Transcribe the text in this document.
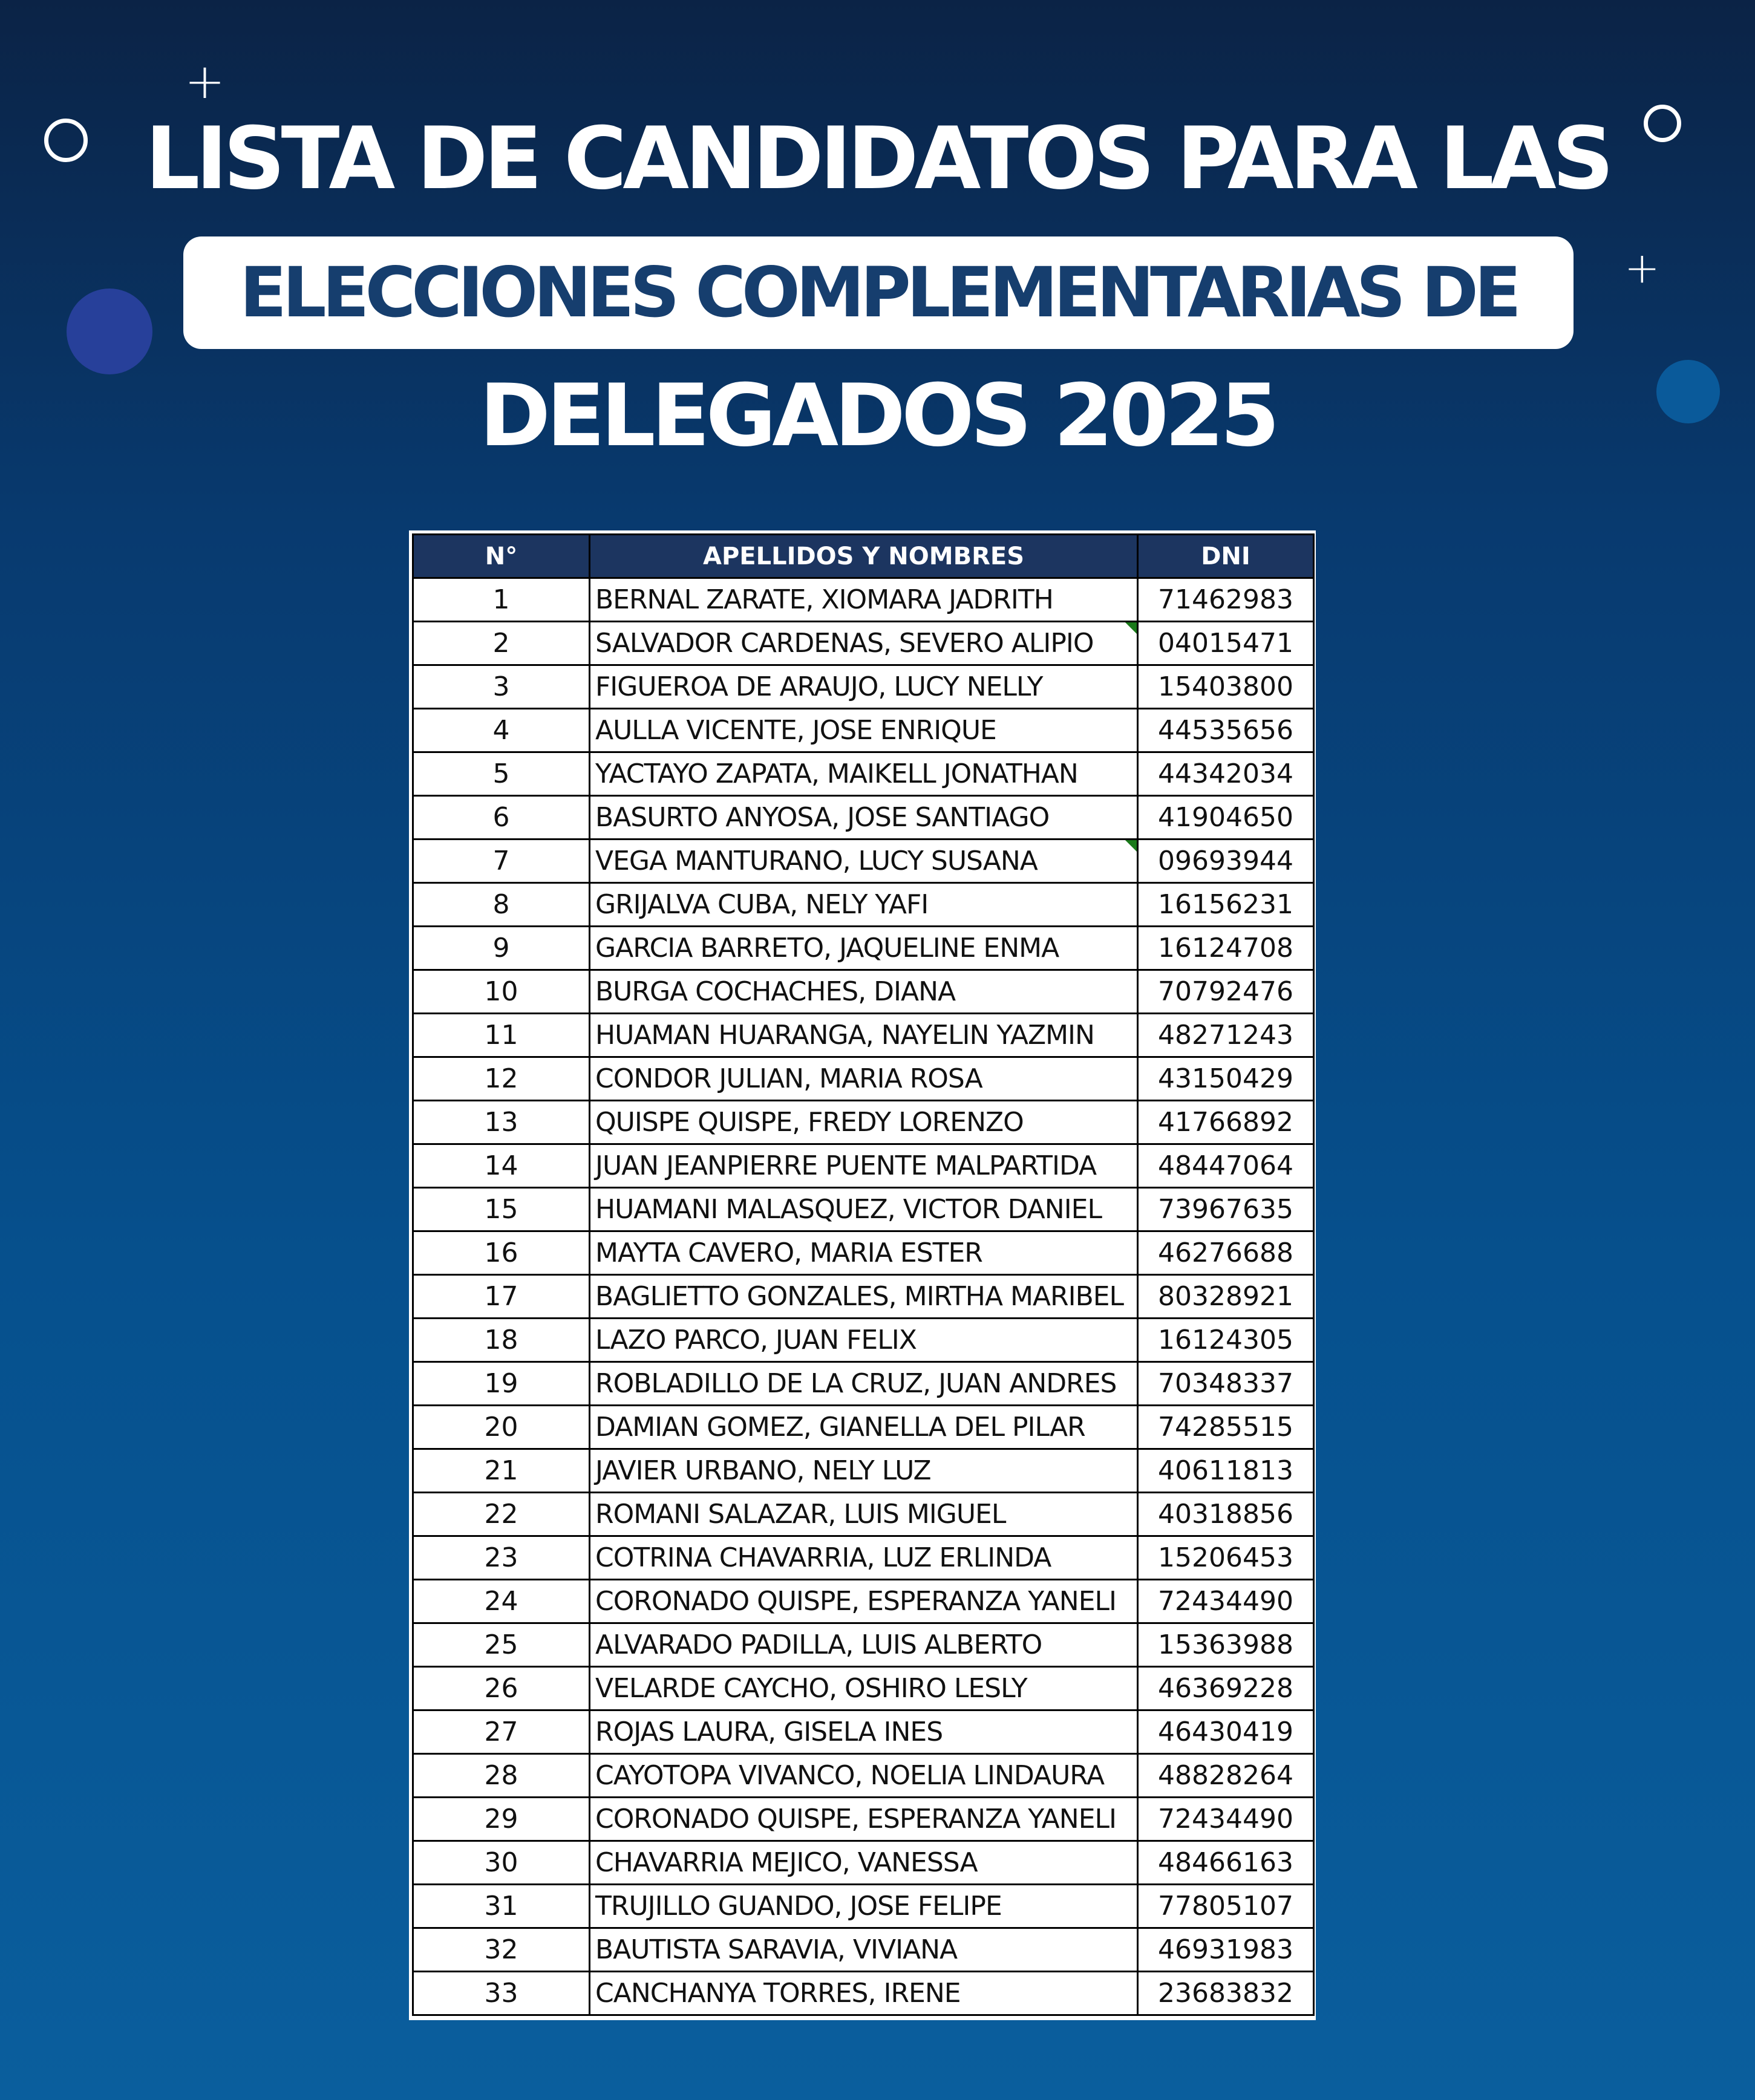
+
+
LISTA DE CANDIDATOS PARA LAS
ELECCIONES COMPLEMENTARIAS DE
DELEGADOS 2025
N°	APELLIDOS Y NOMBRES	DNI
1	BERNAL ZARATE, XIOMARA JADRITH	71462983
2	SALVADOR CARDENAS, SEVERO ALIPIO	04015471
3	FIGUEROA DE ARAUJO, LUCY NELLY	15403800
4	AULLA VICENTE, JOSE ENRIQUE	44535656
5	YACTAYO ZAPATA, MAIKELL JONATHAN	44342034
6	BASURTO ANYOSA, JOSE SANTIAGO	41904650
7	VEGA MANTURANO, LUCY SUSANA	09693944
8	GRIJALVA CUBA, NELY YAFI	16156231
9	GARCIA BARRETO, JAQUELINE ENMA	16124708
10	BURGA COCHACHES, DIANA	70792476
11	HUAMAN HUARANGA, NAYELIN YAZMIN	48271243
12	CONDOR JULIAN, MARIA ROSA	43150429
13	QUISPE QUISPE, FREDY LORENZO	41766892
14	JUAN JEANPIERRE PUENTE MALPARTIDA	48447064
15	HUAMANI MALASQUEZ, VICTOR DANIEL	73967635
16	MAYTA CAVERO, MARIA ESTER	46276688
17	BAGLIETTO GONZALES, MIRTHA MARIBEL	80328921
18	LAZO PARCO, JUAN FELIX	16124305
19	ROBLADILLO DE LA CRUZ, JUAN ANDRES	70348337
20	DAMIAN GOMEZ, GIANELLA DEL PILAR	74285515
21	JAVIER URBANO, NELY LUZ	40611813
22	ROMANI SALAZAR, LUIS MIGUEL	40318856
23	COTRINA CHAVARRIA, LUZ ERLINDA	15206453
24	CORONADO QUISPE, ESPERANZA YANELI	72434490
25	ALVARADO PADILLA, LUIS ALBERTO	15363988
26	VELARDE CAYCHO, OSHIRO LESLY	46369228
27	ROJAS LAURA, GISELA INES	46430419
28	CAYOTOPA VIVANCO, NOELIA LINDAURA	48828264
29	CORONADO QUISPE, ESPERANZA YANELI	72434490
30	CHAVARRIA MEJICO, VANESSA	48466163
31	TRUJILLO GUANDO, JOSE FELIPE	77805107
32	BAUTISTA SARAVIA, VIVIANA	46931983
33	CANCHANYA TORRES, IRENE	23683832
